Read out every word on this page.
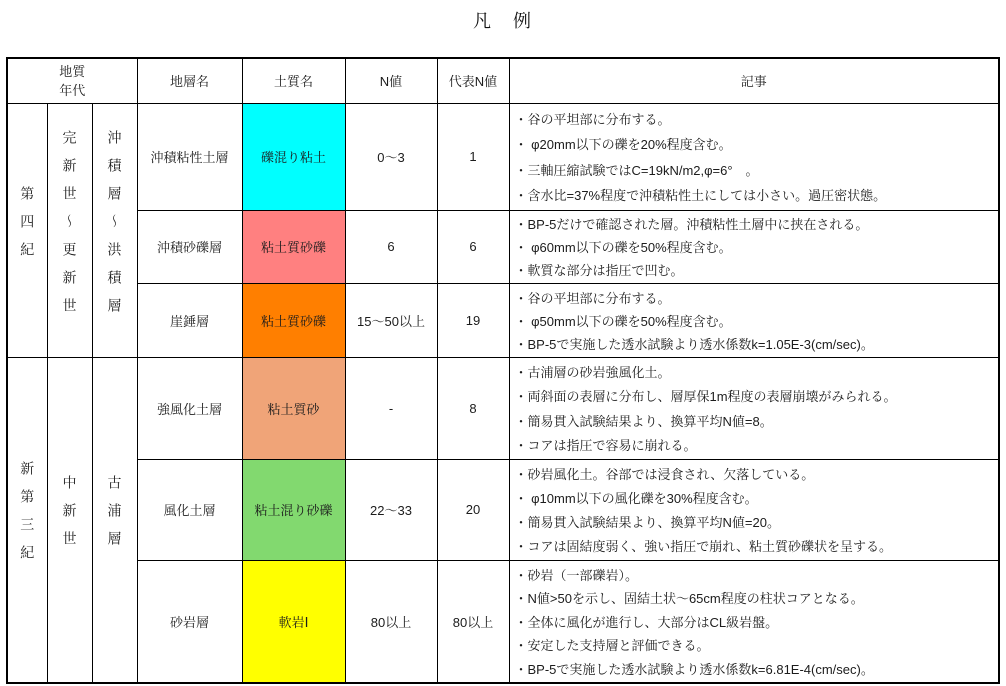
凡　例
地質
年代			地層名	土質名	N値	代表N値	記事
第四紀	完新世～更新世	沖積層～洪積層	沖積粘性土層	礫混り粘土	0～3	1	・谷の平坦部に分布する。
・ φ20mm以下の礫を20%程度含む。
・三軸圧縮試験ではC=19kN/m2,φ=6°　。
・含水比=37%程度で沖積粘性土にしては小さい。過圧密状態。

			沖積砂礫層	粘土質砂礫	6	6	・BP-5だけで確認された層。沖積粘性土層中に挟在される。
・ φ60mm以下の礫を50%程度含む。
・軟質な部分は指圧で凹む。

			崖錘層	粘土質砂礫	15～50以上	19	・谷の平坦部に分布する。
・ φ50mm以下の礫を50%程度含む。
・BP-5で実施した透水試験より透水係数k=1.05E-3(cm/sec)。

新第三紀	中新世	古浦層	強風化土層	粘土質砂	-	8	・古浦層の砂岩強風化土。
・両斜面の表層に分布し、層厚保1m程度の表層崩壊がみられる。
・簡易貫入試験結果より、換算平均N値=8。
・コアは指圧で容易に崩れる。

			風化土層	粘土混り砂礫	22～33	20	・砂岩風化土。谷部では浸食され、欠落している。
・ φ10mm以下の風化礫を30%程度含む。
・簡易貫入試験結果より、換算平均N値=20。
・コアは固結度弱く、強い指圧で崩れ、粘土質砂礫状を呈する。

			砂岩層	軟岩Ⅰ	80以上	80以上	・砂岩（一部礫岩）。
・N値>50を示し、固結土状～65cm程度の柱状コアとなる。
・全体に風化が進行し、大部分はCL級岩盤。
・安定した支持層と評価できる。
・BP-5で実施した透水試験より透水係数k=6.81E-4(cm/sec)。
